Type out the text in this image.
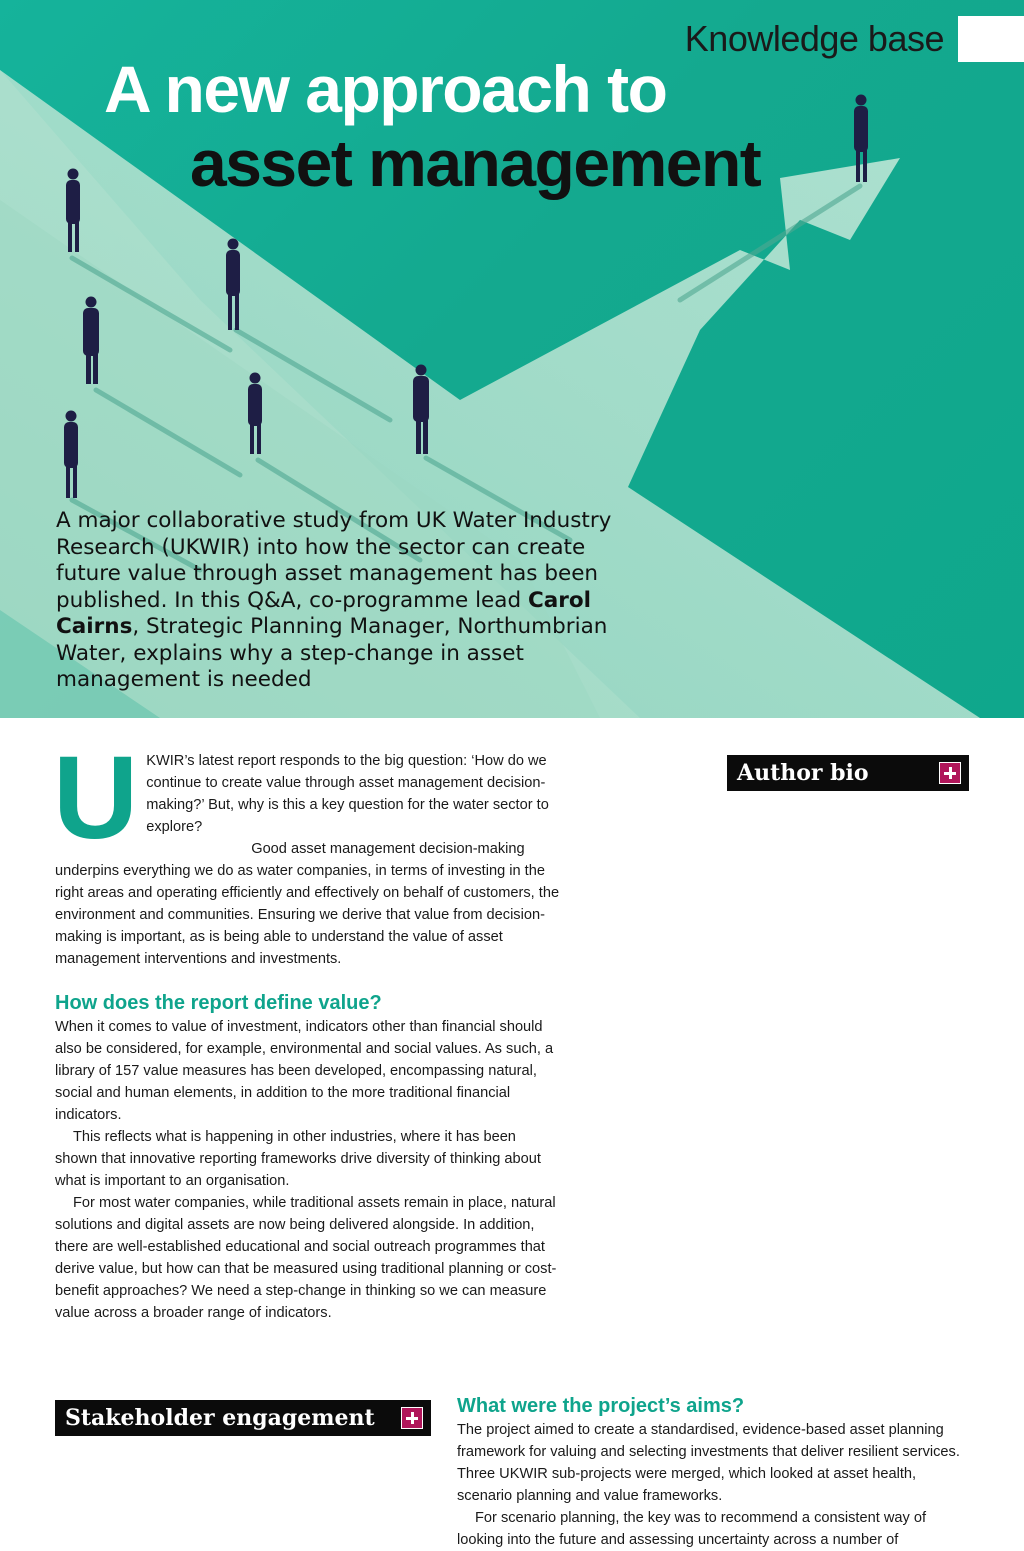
Knowledge base
A new approach to
asset management

A major collaborative study from UK Water Industry Research (UKWIR) into how the sector can create future value through asset management has been published. In this Q&A, co-programme lead Carol Cairns, Strategic Planning Manager, Northumbrian Water, explains why a step-change in asset management is needed

UKWIR’s latest report responds to the big question: ‘How do we continue to create value through asset management decision-making?’ But, why is this a key question for the water sector to explore?

Good asset management decision-making underpins everything we do as water companies, in terms of investing in the right areas and operating efficiently and effectively on behalf of customers, the environment and communities. Ensuring we derive that value from decision-making is important, as is being able to understand the value of asset management interventions and investments.

How does the report define value?

When it comes to value of investment, indicators other than financial should also be considered, for example, environmental and social values. As such, a library of 157 value measures has been developed, encompassing natural, social and human elements, in addition to the more traditional financial indicators.

This reflects what is happening in other industries, where it has been shown that innovative reporting frameworks drive diversity of thinking about what is important to an organisation.

For most water companies, while traditional assets remain in place, natural solutions and digital assets are now being delivered alongside. In addition, there are well-established educational and social outreach programmes that derive value, but how can that be measured using traditional planning or cost-benefit approaches? We need a step-change in thinking so we can measure value across a broader range of indicators.

Author bio
Stakeholder engagement	What were the project’s aims?

The project aimed to create a standardised, evidence-based asset planning framework for valuing and selecting investments that deliver resilient services. Three UKWIR sub-projects were merged, which looked at asset health, scenario planning and value frameworks.

For scenario planning, the key was to recommend a consistent way of looking into the future and assessing uncertainty across a number of
